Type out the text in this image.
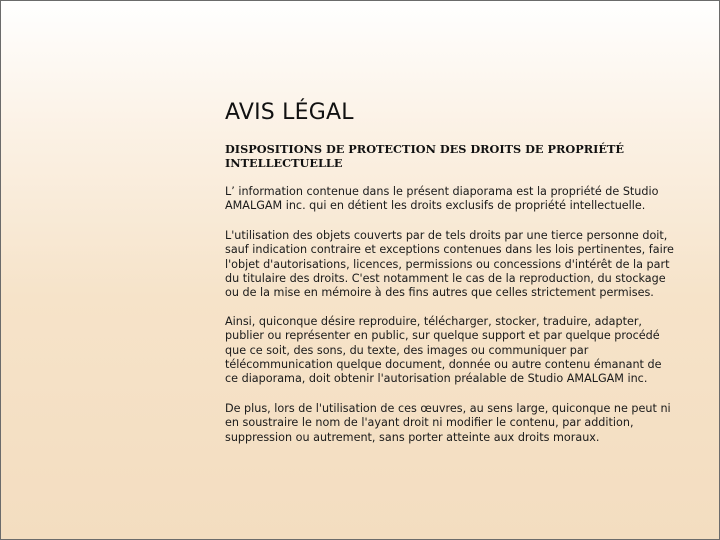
AVIS LÉGAL
DISPOSITIONS DE PROTECTION DES DROITS DE PROPRIÉTÉ INTELLECTUELLE

L’ information contenue dans le présent diaporama est la propriété de Studio AMALGAM inc. qui en détient les droits exclusifs de propriété intellectuelle.

L'utilisation des objets couverts par de tels droits par une tierce personne doit, sauf indication contraire et exceptions contenues dans les lois pertinentes, faire l'objet d'autorisations, licences, permissions ou concessions d'intérêt de la part du titulaire des droits. C'est notamment le cas de la reproduction, du stockage ou de la mise en mémoire à des fins autres que celles strictement permises.

Ainsi, quiconque désire reproduire, télécharger, stocker, traduire, adapter, publier ou représenter en public, sur quelque support et par quelque procédé que ce soit, des sons, du texte, des images ou communiquer par télécommunication quelque document, donnée ou autre contenu émanant de ce diaporama, doit obtenir l'autorisation préalable de Studio AMALGAM inc.

De plus, lors de l'utilisation de ces œuvres, au sens large, quiconque ne peut ni en soustraire le nom de l'ayant droit ni modifier le contenu, par addition, suppression ou autrement, sans porter atteinte aux droits moraux.
